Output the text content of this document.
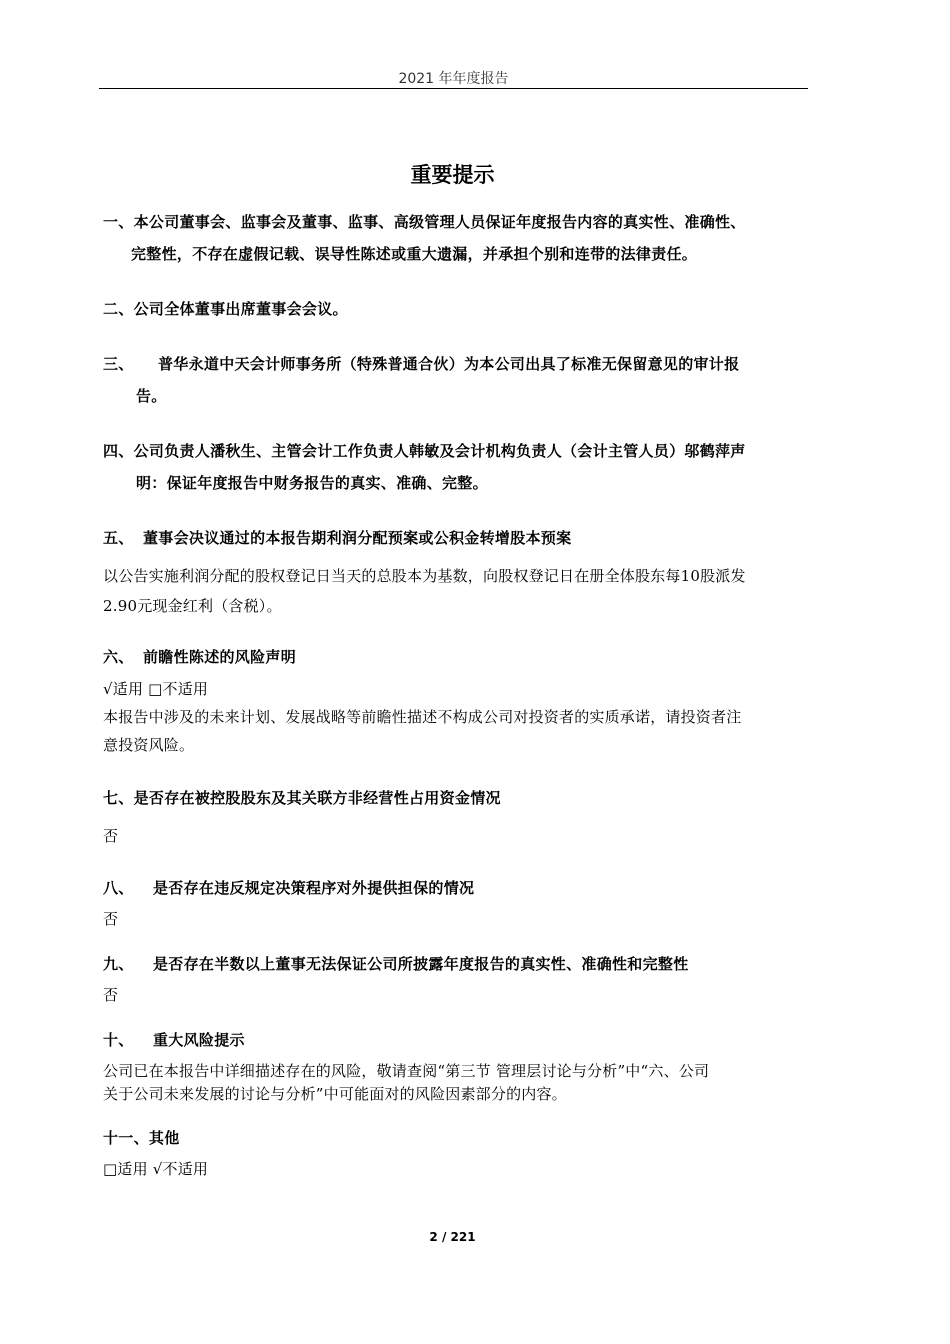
2021 年年度报告
重要提示
一、本公司董事会、监事会及董事、监事、高级管理人员保证年度报告内容的真实性、准确性、
完整性，不存在虚假记载、误导性陈述或重大遗漏，并承担个别和连带的法律责任。
二、公司全体董事出席董事会会议。
三、 普华永道中天会计师事务所（特殊普通合伙）为本公司出具了标准无保留意见的审计报
告。
四、公司负责人潘秋生、主管会计工作负责人韩敏及会计机构负责人（会计主管人员）邬鹤萍声
明：保证年度报告中财务报告的真实、准确、完整。
五、 董事会决议通过的本报告期利润分配预案或公积金转增股本预案
以公告实施利润分配的股权登记日当天的总股本为基数，向股权登记日在册全体股东每10股派发
2.90元现金红利（含税）。
六、 前瞻性陈述的风险声明
√适用 □不适用
本报告中涉及的未来计划、发展战略等前瞻性描述不构成公司对投资者的实质承诺，请投资者注
意投资风险。
七、是否存在被控股股东及其关联方非经营性占用资金情况
否
八、 是否存在违反规定决策程序对外提供担保的情况
否
九、 是否存在半数以上董事无法保证公司所披露年度报告的真实性、准确性和完整性
否
十、 重大风险提示
公司已在本报告中详细描述存在的风险，敬请查阅“第三节 管理层讨论与分析”中“六、公司
关于公司未来发展的讨论与分析”中可能面对的风险因素部分的内容。
十一、其他
□适用 √不适用
2 / 221
